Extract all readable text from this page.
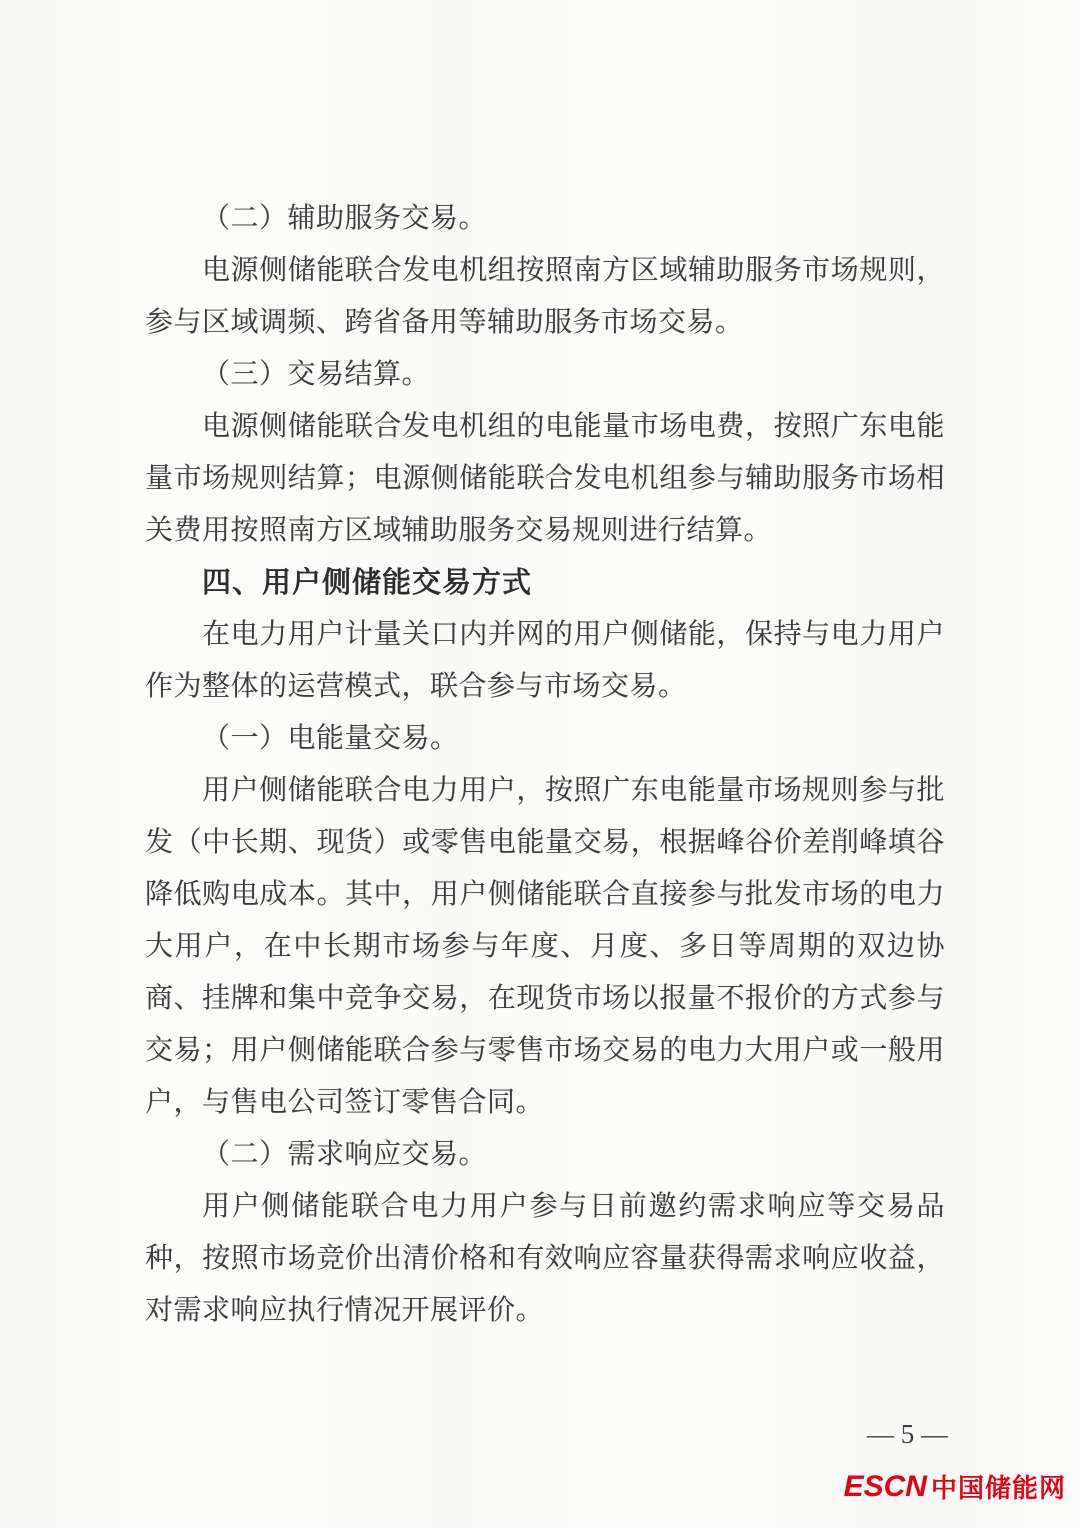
（二）辅助服务交易。

电源侧储能联合发电机组按照南方区域辅助服务市场规则，参与区域调频、跨省备用等辅助服务市场交易。

（三）交易结算。

电源侧储能联合发电机组的电能量市场电费，按照广东电能量市场规则结算；电源侧储能联合发电机组参与辅助服务市场相关费用按照南方区域辅助服务交易规则进行结算。

四、用户侧储能交易方式

在电力用户计量关口内并网的用户侧储能，保持与电力用户作为整体的运营模式，联合参与市场交易。

（一）电能量交易。

用户侧储能联合电力用户，按照广东电能量市场规则参与批发（中长期、现货）或零售电能量交易，根据峰谷价差削峰填谷降低购电成本。其中，用户侧储能联合直接参与批发市场的电力大用户，在中长期市场参与年度、月度、多日等周期的双边协商、挂牌和集中竞争交易，在现货市场以报量不报价的方式参与交易；用户侧储能联合参与零售市场交易的电力大用户或一般用户，与售电公司签订零售合同。

（二）需求响应交易。

用户侧储能联合电力用户参与日前邀约需求响应等交易品种，按照市场竞价出清价格和有效响应容量获得需求响应收益，对需求响应执行情况开展评价。

— 5 —
ESCN 中国储能网
